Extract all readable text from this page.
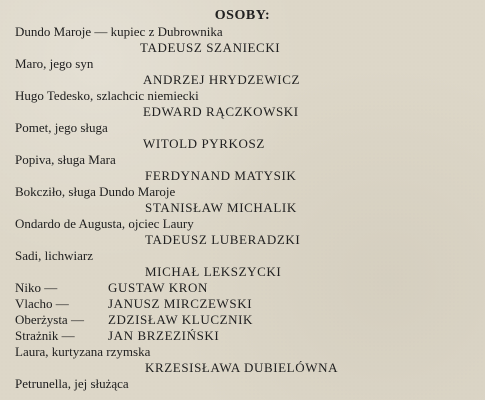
OSOBY:
Dundo Maroje — kupiec z Dubrownika
TADEUSZ SZANIECKI
Maro, jego syn
ANDRZEJ HRYDZEWICZ
Hugo Tedesko, szlachcic niemiecki
EDWARD RĄCZKOWSKI
Pomet, jego sługa
WITOLD PYRKOSZ
Popiva, sługa Mara
FERDYNAND MATYSIK
Bokcziło, sługa Dundo Maroje
STANISŁAW MICHALIK
Ondardo de Augusta, ojciec Laury
TADEUSZ LUBERADZKI
Sadi, lichwiarz
MICHAŁ LEKSZYCKI
Niko —	GUSTAW KRON
Vlacho —	JANUSZ MIRCZEWSKI
Oberżysta — ZDZISŁAW KLUCZNIK
Strażnik —	JAN BRZEZIŃSKI
Laura, kurtyzana rzymska
KRZESISŁAWA DUBIELÓWNA
Petrunella, jej służąca
